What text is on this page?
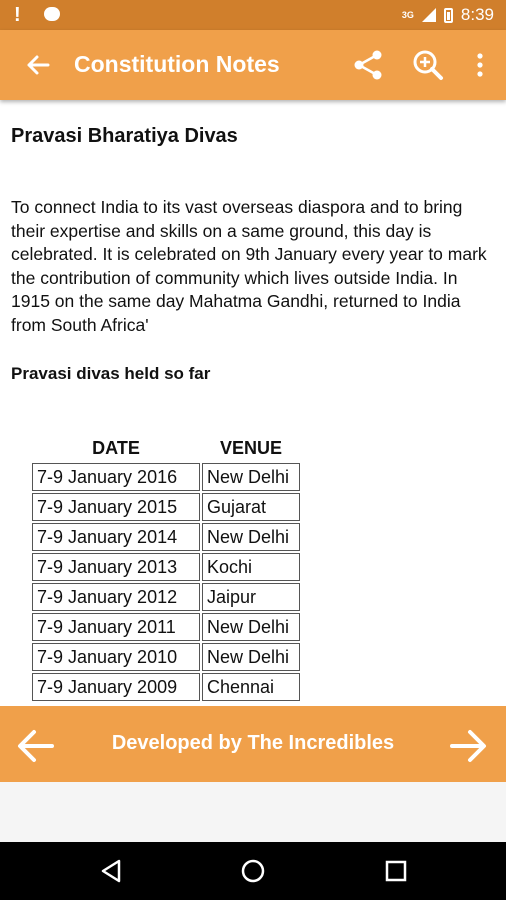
!	3G	8:39
Constitution Notes
Pravasi Bharatiya Divas
To connect India to its vast overseas diaspora and to bring their expertise and skills on a same ground, this day is celebrated. It is celebrated on 9th January every year to mark the contribution of community which lives outside India. In 1915 on the same day Mahatma Gandhi, returned to India from South Africa'
Pravasi divas held so far
DATE	VENUE
7-9 January 2016	New Delhi
7-9 January 2015	Gujarat
7-9 January 2014	New Delhi
7-9 January 2013	Kochi
7-9 January 2012	Jaipur
7-9 January 2011	New Delhi
7-9 January 2010	New Delhi
7-9 January 2009	Chennai
Developed by The Incredibles
